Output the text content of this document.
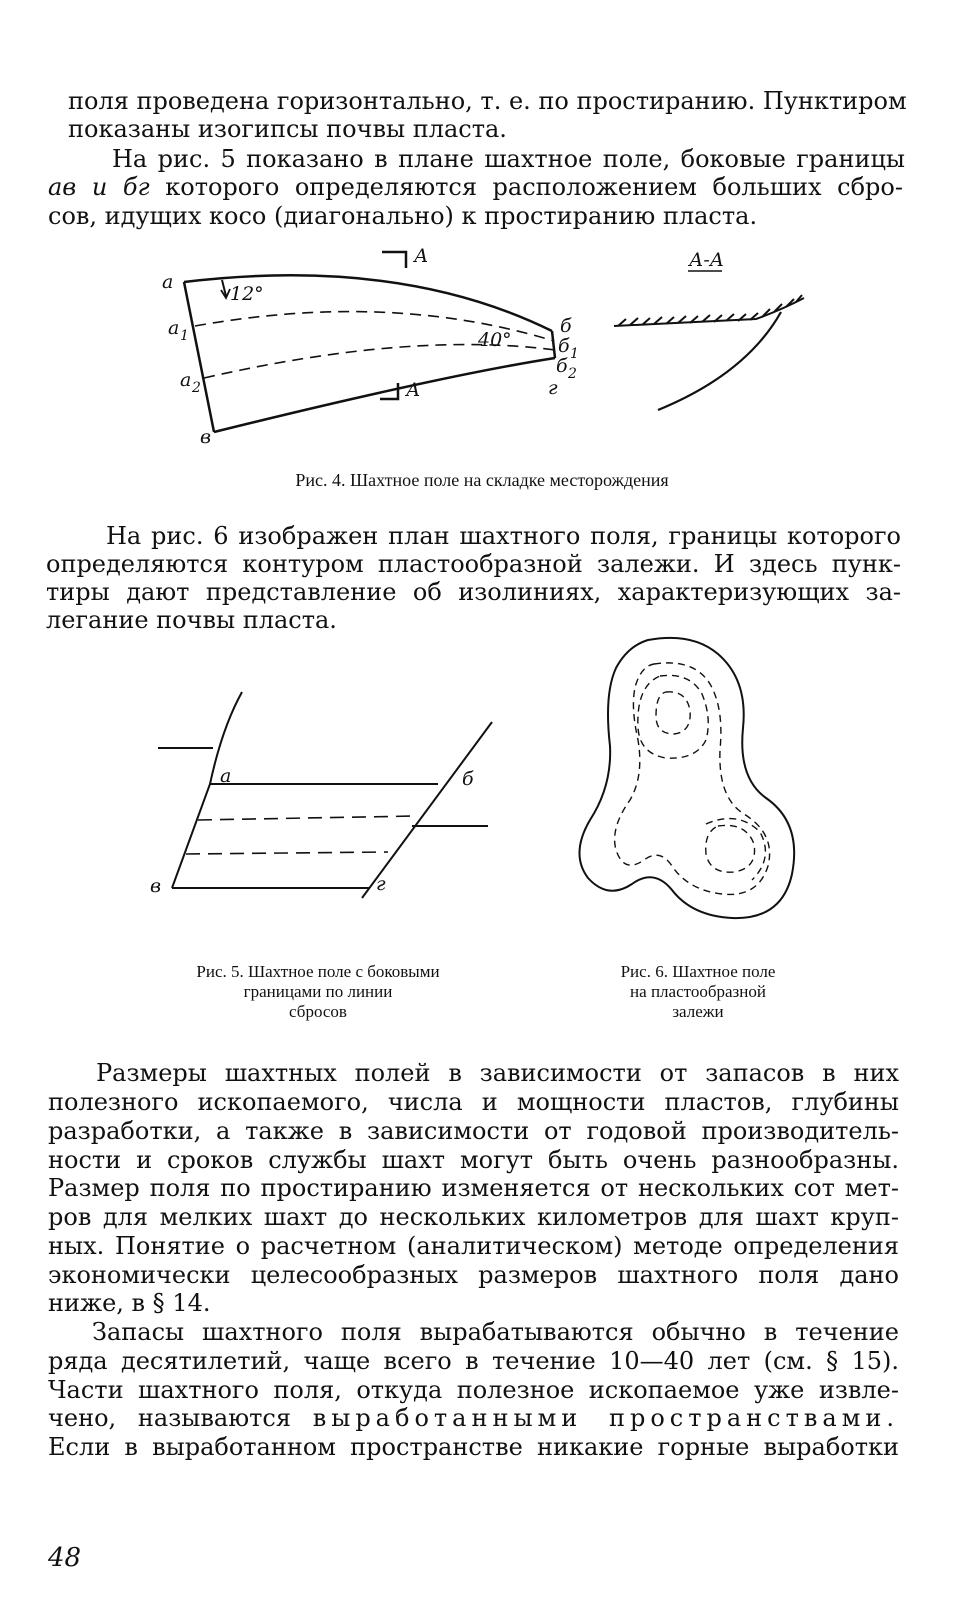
поля проведена горизонтально, т. е. по простиранию. Пунктиром
показаны изогипсы почвы пласта.
На рис. 5 показано в плане шахтное поле, боковые границы
ав и бг которого определяются расположением больших сбро-
сов, идущих косо (диагонально) к простиранию пласта.
а
а 1
а 2
в
б
б 1
б 2
г
12°
40°
А
А
А-А
Рис. 4. Шахтное поле на складке месторождения
На рис. 6 изображен план шахтного поля, границы которого
определяются контуром пластообразной залежи. И здесь пунк-
тиры дают представление об изолиниях, характеризующих за-
легание почвы пласта.
а	б
в	г
Рис. 5. Шахтное поле с боковыми
границами по линии
сбросов
Рис. 6. Шахтное поле
на пластообразной
залежи
Размеры шахтных полей в зависимости от запасов в них
полезного ископаемого, числа и мощности пластов, глубины
разработки, а также в зависимости от годовой производитель-
ности и сроков службы шахт могут быть очень разнообразны.
Размер поля по простиранию изменяется от нескольких сот мет-
ров для мелких шахт до нескольких километров для шахт круп-
ных. Понятие о расчетном (аналитическом) методе определения
экономически целесообразных размеров шахтного поля дано
ниже, в § 14.
Запасы шахтного поля вырабатываются обычно в течение
ряда десятилетий, чаще всего в течение 10—40 лет (см. § 15).
Части шахтного поля, откуда полезное ископаемое уже извле-
чено, называются выработанными пространствами.
Если в выработанном пространстве никакие горные выработки
48
